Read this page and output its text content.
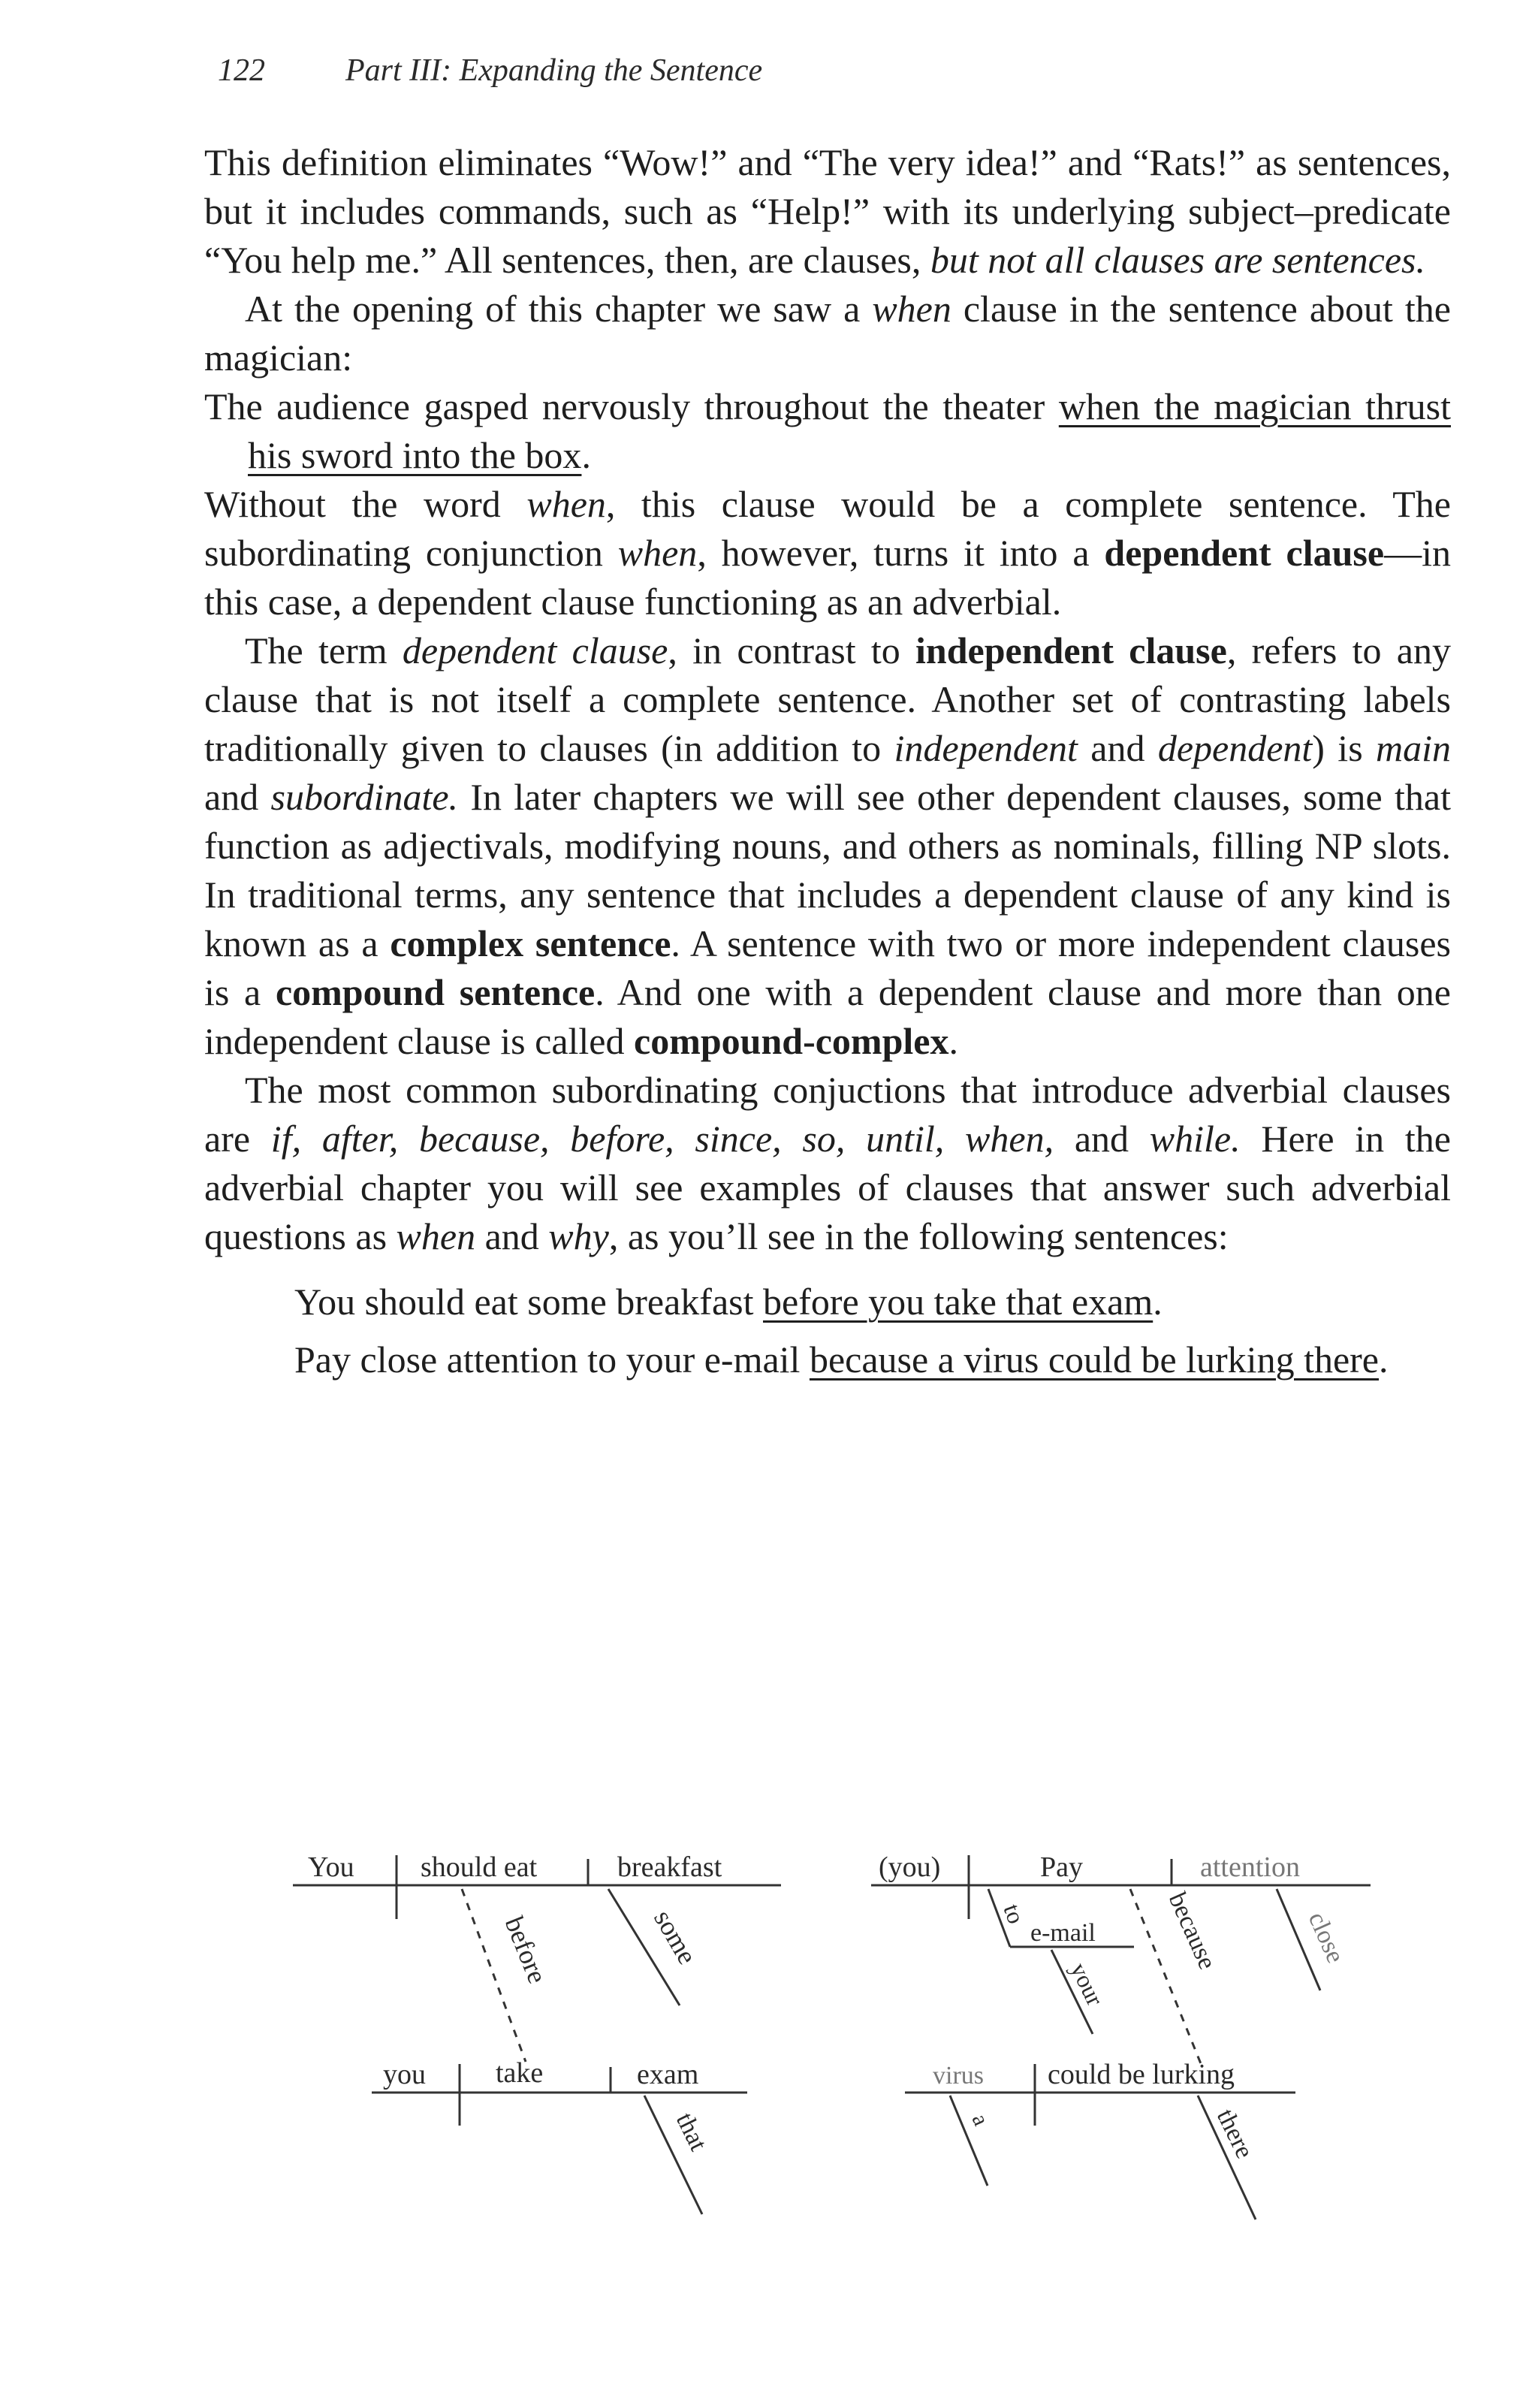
122	Part III: Expanding the Sentence

This definition eliminates “Wow!” and “The very idea!” and “Rats!” as sentences, but it includes commands, such as “Help!” with its underlying subject–predicate “You help me.” All sentences, then, are clauses, but not all clauses are sentences.

At the opening of this chapter we saw a when clause in the sentence about the magician:

The audience gasped nervously throughout the theater when the magician thrust his sword into the box.

Without the word when, this clause would be a complete sentence. The subordinating conjunction when, however, turns it into a dependent clause—in this case, a dependent clause functioning as an adverbial.

The term dependent clause, in contrast to independent clause, refers to any clause that is not itself a complete sentence. Another set of contrasting labels traditionally given to clauses (in addition to independent and dependent) is main and subordinate. In later chapters we will see other dependent clauses, some that function as adjectivals, modifying nouns, and others as nominals, filling NP slots. In traditional terms, any sentence that includes a dependent clause of any kind is known as a complex sentence. A sentence with two or more independent clauses is a compound sentence. And one with a dependent clause and more than one independent clause is called compound-complex.

The most common subordinating conjuctions that introduce adverbial clauses are if, after, because, before, since, so, until, when, and while. Here in the adverbial chapter you will see examples of clauses that answer such adverbial questions as when and why, as you’ll see in the following sentences:

You should eat some breakfast before you take that exam.

Pay close attention to your e-mail because a virus could be lurking there.

You should eat	breakfast
some
before
you take	exam
that
(you)	Pay	attention
close
to
e-mail
your
because
virus could be lurking
a	there
